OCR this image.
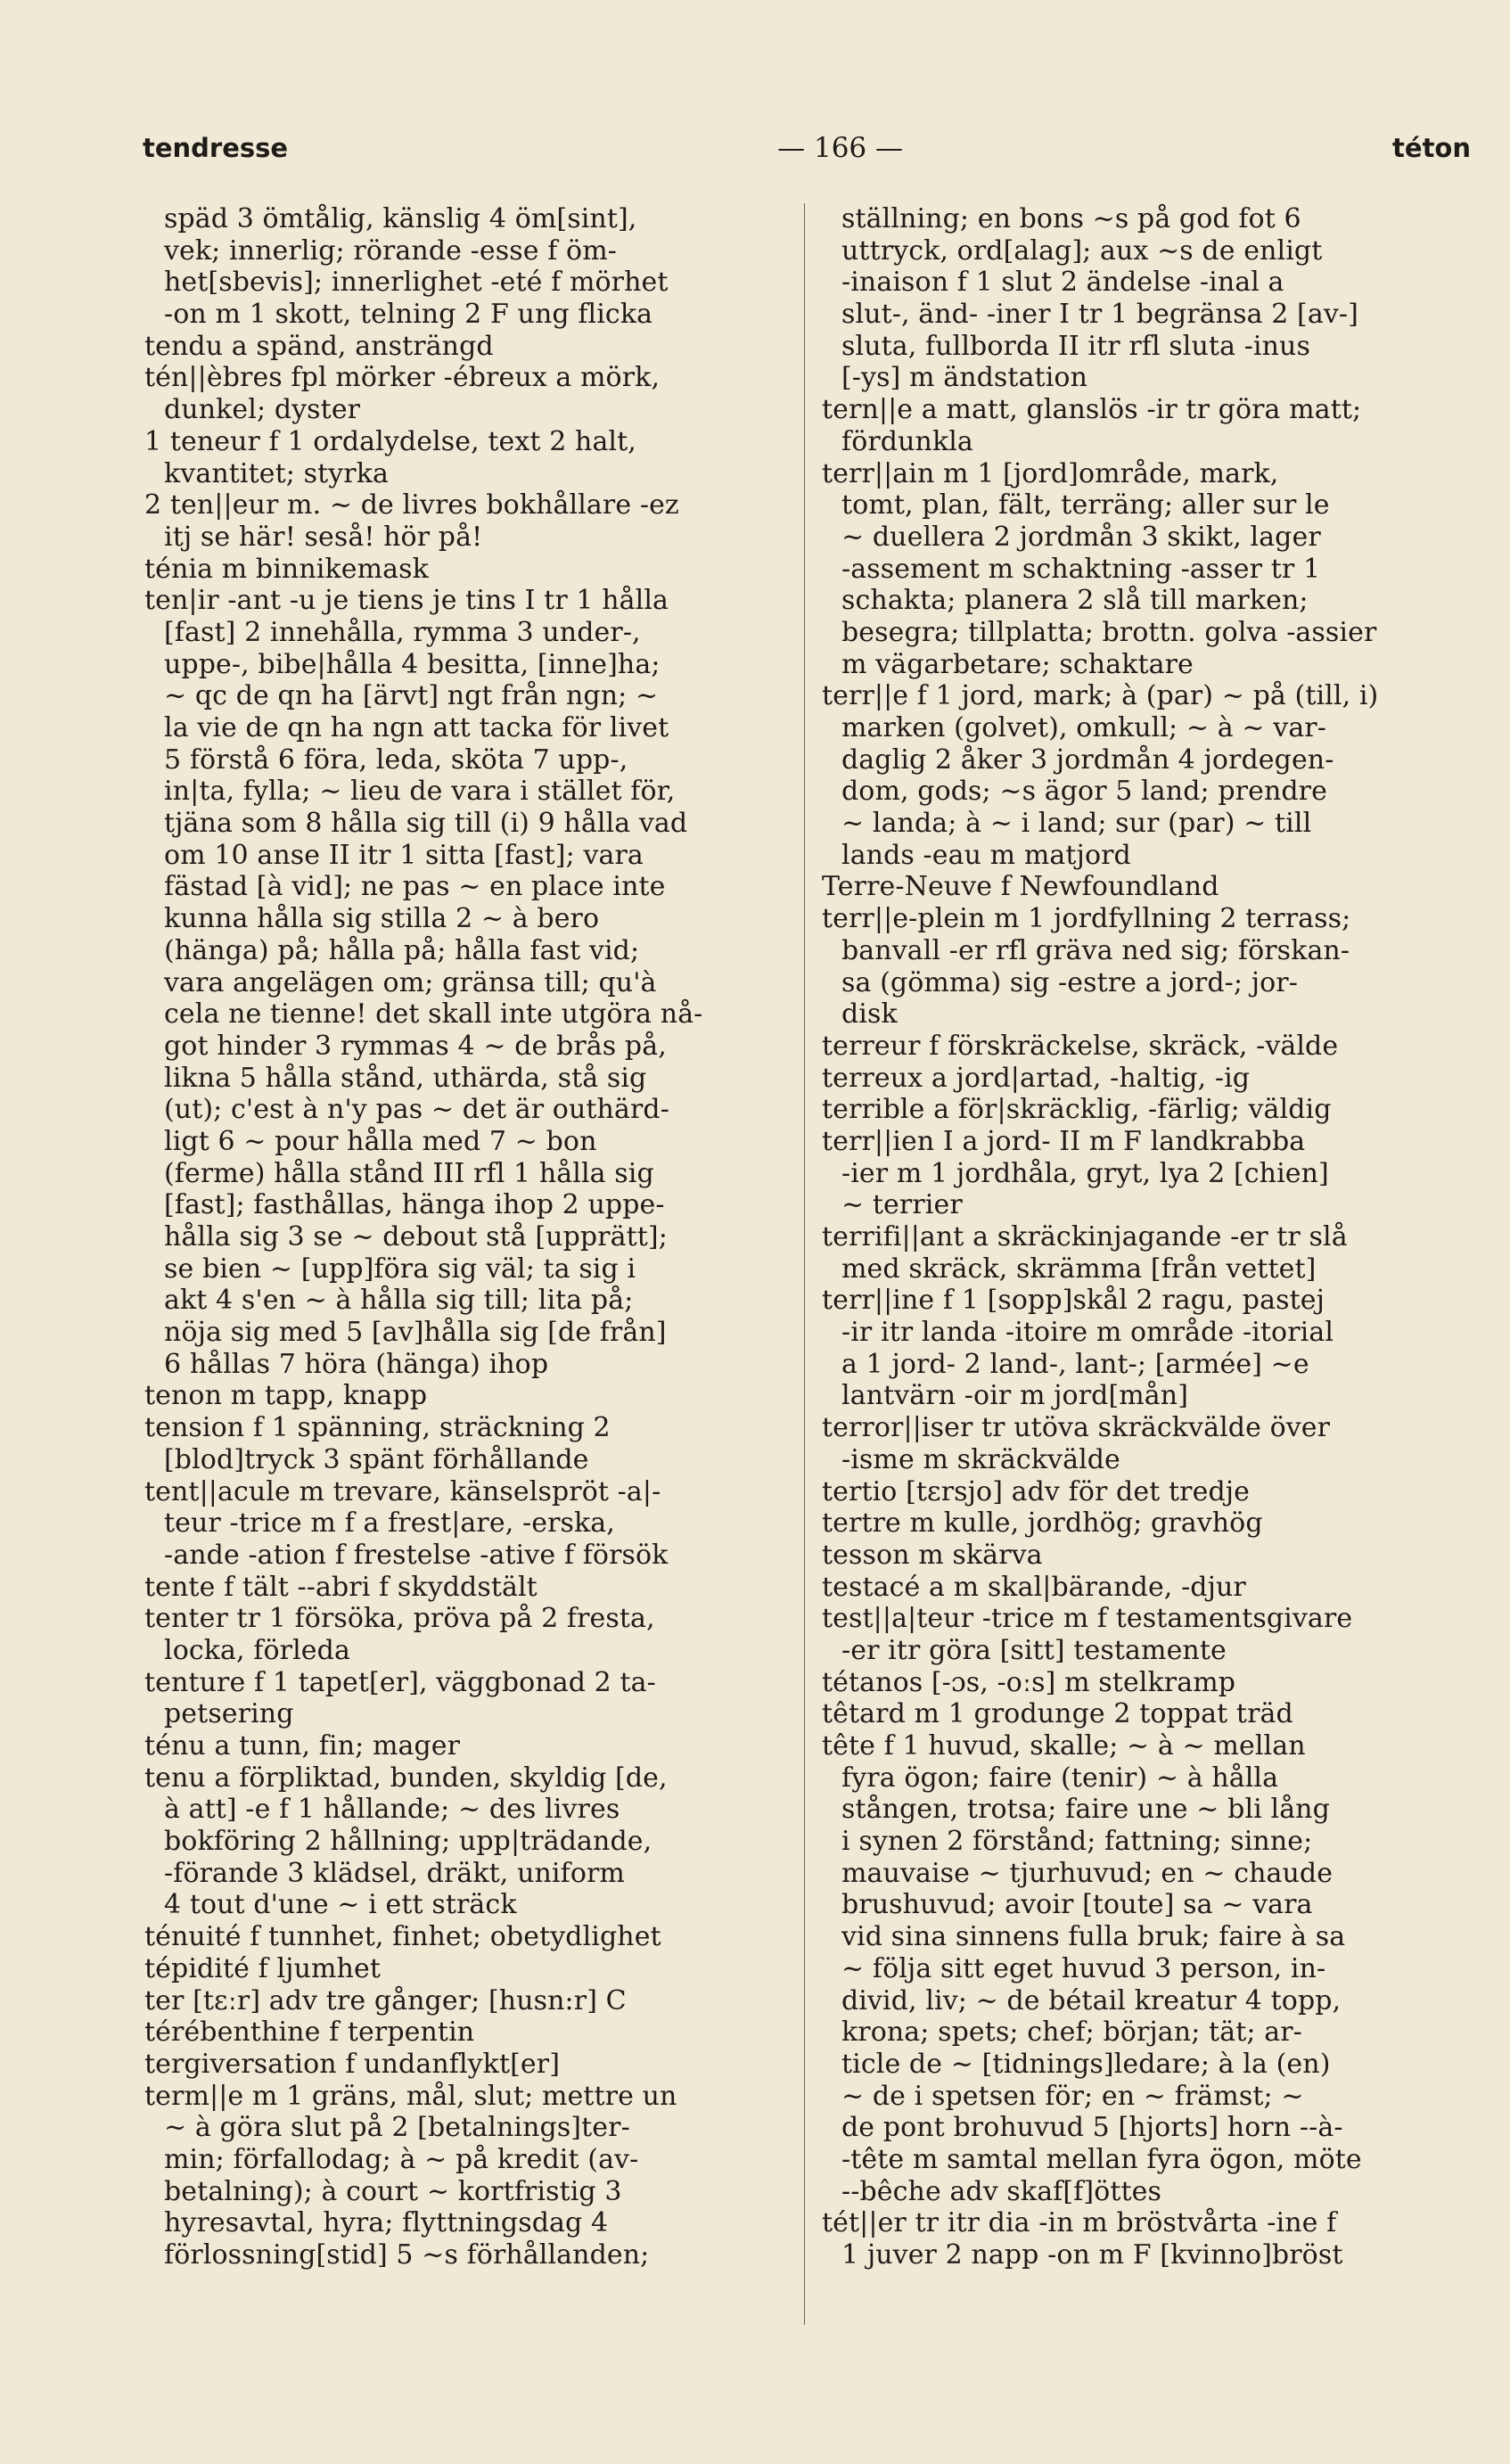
tendresse	— 166 —	téton
späd 3 ömtålig, känslig 4 öm[sint],
vek; innerlig; rörande -esse f öm-
het[sbevis]; innerlighet -eté f mörhet
-on m 1 skott, telning 2 F ung flicka
tendu a spänd, ansträngd
tén||èbres fpl mörker -ébreux a mörk,
dunkel; dyster
1 teneur f 1 ordalydelse, text 2 halt,
kvantitet; styrka
2 ten||eur m. ~ de livres bokhållare -ez
itj se här! seså! hör på!
ténia m binnikemask
ten|ir -ant -u je tiens je tins I tr 1 hålla
[fast] 2 innehålla, rymma 3 under-,
uppe-, bibe|hålla 4 besitta, [inne]ha;
~ qc de qn ha [ärvt] ngt från ngn; ~
la vie de qn ha ngn att tacka för livet
5 förstå 6 föra, leda, sköta 7 upp-,
in|ta, fylla; ~ lieu de vara i stället för,
tjäna som 8 hålla sig till (i) 9 hålla vad
om 10 anse II itr 1 sitta [fast]; vara
fästad [à vid]; ne pas ~ en place inte
kunna hålla sig stilla 2 ~ à bero
(hänga) på; hålla på; hålla fast vid;
vara angelägen om; gränsa till; qu'à
cela ne tienne! det skall inte utgöra nå-
got hinder 3 rymmas 4 ~ de brås på,
likna 5 hålla stånd, uthärda, stå sig
(ut); c'est à n'y pas ~ det är outhärd-
ligt 6 ~ pour hålla med 7 ~ bon
(ferme) hålla stånd III rfl 1 hålla sig
[fast]; fasthållas, hänga ihop 2 uppe-
hålla sig 3 se ~ debout stå [upprätt];
se bien ~ [upp]föra sig väl; ta sig i
akt 4 s'en ~ à hålla sig till; lita på;
nöja sig med 5 [av]hålla sig [de från]
6 hållas 7 höra (hänga) ihop
tenon m tapp, knapp
tension f 1 spänning, sträckning 2
[blod]tryck 3 spänt förhållande
tent||acule m trevare, känselspröt -a|-
teur -trice m f a frest|are, -erska,
-ande -ation f frestelse -ative f försök
tente f tält --abri f skyddstält
tenter tr 1 försöka, pröva på 2 fresta,
locka, förleda
tenture f 1 tapet[er], väggbonad 2 ta-
petsering
ténu a tunn, fin; mager
tenu a förpliktad, bunden, skyldig [de,
à att] -e f 1 hållande; ~ des livres
bokföring 2 hållning; upp|trädande,
-förande 3 klädsel, dräkt, uniform
4 tout d'une ~ i ett sträck
ténuité f tunnhet, finhet; obetydlighet
tépidité f ljumhet
ter [tɛːr] adv tre gånger; [husn:r] C
térébenthine f terpentin
tergiversation f undanflykt[er]
term||e m 1 gräns, mål, slut; mettre un
~ à göra slut på 2 [betalnings]ter-
min; förfallodag; à ~ på kredit (av-
betalning); à court ~ kortfristig 3
hyresavtal, hyra; flyttningsdag 4
förlossning[stid] 5 ~s förhållanden;
ställning; en bons ~s på god fot 6
uttryck, ord[alag]; aux ~s de enligt
-inaison f 1 slut 2 ändelse -inal a
slut-, änd- -iner I tr 1 begränsa 2 [av-]
sluta, fullborda II itr rfl sluta -inus
[-ys] m ändstation
tern||e a matt, glanslös -ir tr göra matt;
fördunkla
terr||ain m 1 [jord]område, mark,
tomt, plan, fält, terräng; aller sur le
~ duellera 2 jordmån 3 skikt, lager
-assement m schaktning -asser tr 1
schakta; planera 2 slå till marken;
besegra; tillplatta; brottn. golva -assier
m vägarbetare; schaktare
terr||e f 1 jord, mark; à (par) ~ på (till, i)
marken (golvet), omkull; ~ à ~ var-
daglig 2 åker 3 jordmån 4 jordegen-
dom, gods; ~s ägor 5 land; prendre
~ landa; à ~ i land; sur (par) ~ till
lands -eau m matjord
Terre-Neuve f Newfoundland
terr||e-plein m 1 jordfyllning 2 terrass;
banvall -er rfl gräva ned sig; förskan-
sa (gömma) sig -estre a jord-; jor-
disk
terreur f förskräckelse, skräck, -välde
terreux a jord|artad, -haltig, -ig
terrible a för|skräcklig, -färlig; väldig
terr||ien I a jord- II m F landkrabba
-ier m 1 jordhåla, gryt, lya 2 [chien]
~ terrier
terrifi||ant a skräckinjagande -er tr slå
med skräck, skrämma [från vettet]
terr||ine f 1 [sopp]skål 2 ragu, pastej
-ir itr landa -itoire m område -itorial
a 1 jord- 2 land-, lant-; [armée] ~e
lantvärn -oir m jord[mån]
terror||iser tr utöva skräckvälde över
-isme m skräckvälde
tertio [tɛrsjo] adv för det tredje
tertre m kulle, jordhög; gravhög
tesson m skärva
testacé a m skal|bärande, -djur
test||a|teur -trice m f testamentsgivare
-er itr göra [sitt] testamente
tétanos [-ɔs, -oːs] m stelkramp
têtard m 1 grodunge 2 toppat träd
tête f 1 huvud, skalle; ~ à ~ mellan
fyra ögon; faire (tenir) ~ à hålla
stången, trotsa; faire une ~ bli lång
i synen 2 förstånd; fattning; sinne;
mauvaise ~ tjurhuvud; en ~ chaude
brushuvud; avoir [toute] sa ~ vara
vid sina sinnens fulla bruk; faire à sa
~ följa sitt eget huvud 3 person, in-
divid, liv; ~ de bétail kreatur 4 topp,
krona; spets; chef; början; tät; ar-
ticle de ~ [tidnings]ledare; à la (en)
~ de i spetsen för; en ~ främst; ~
de pont brohuvud 5 [hjorts] horn --à-
-tête m samtal mellan fyra ögon, möte
--bêche adv skaf[f]öttes
tét||er tr itr dia -in m bröstvårta -ine f
1 juver 2 napp -on m F [kvinno]bröst
